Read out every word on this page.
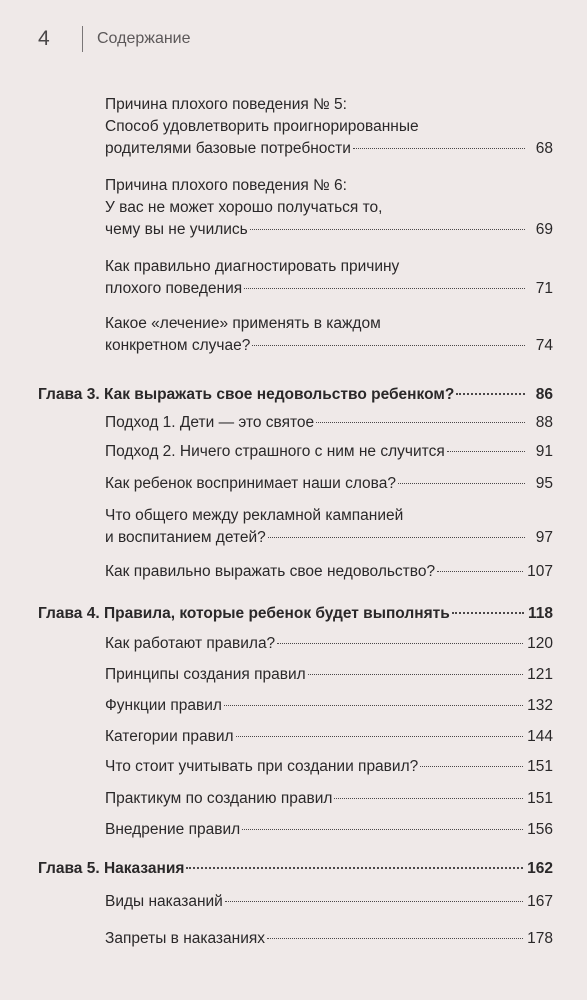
4	Содержание
Причина плохого поведения № 5:
Способ удовлетворить проигнорированные
родителями базовые потребности	68
Причина плохого поведения № 6:
У вас не может хорошо получаться то,
чему вы не учились	69
Как правильно диагностировать причину
плохого поведения	71
Какое «лечение» применять в каждом
конкретном случае?	74
Глава 3. Как выражать свое недовольство ребенком?	86
Подход 1. Дети — это святое	88
Подход 2. Ничего страшного с ним не случится	91
Как ребенок воспринимает наши слова?	95
Что общего между рекламной кампанией
и воспитанием детей?	97
Как правильно выражать свое недовольство?	107
Глава 4. Правила, которые ребенок будет выполнять	118
Как работают правила?	120
Принципы создания правил	121
Функции правил	132
Категории правил	144
Что стоит учитывать при создании правил?	151
Практикум по созданию правил	151
Внедрение правил	156
Глава 5. Наказания	162
Виды наказаний	167
Запреты в наказаниях	178
